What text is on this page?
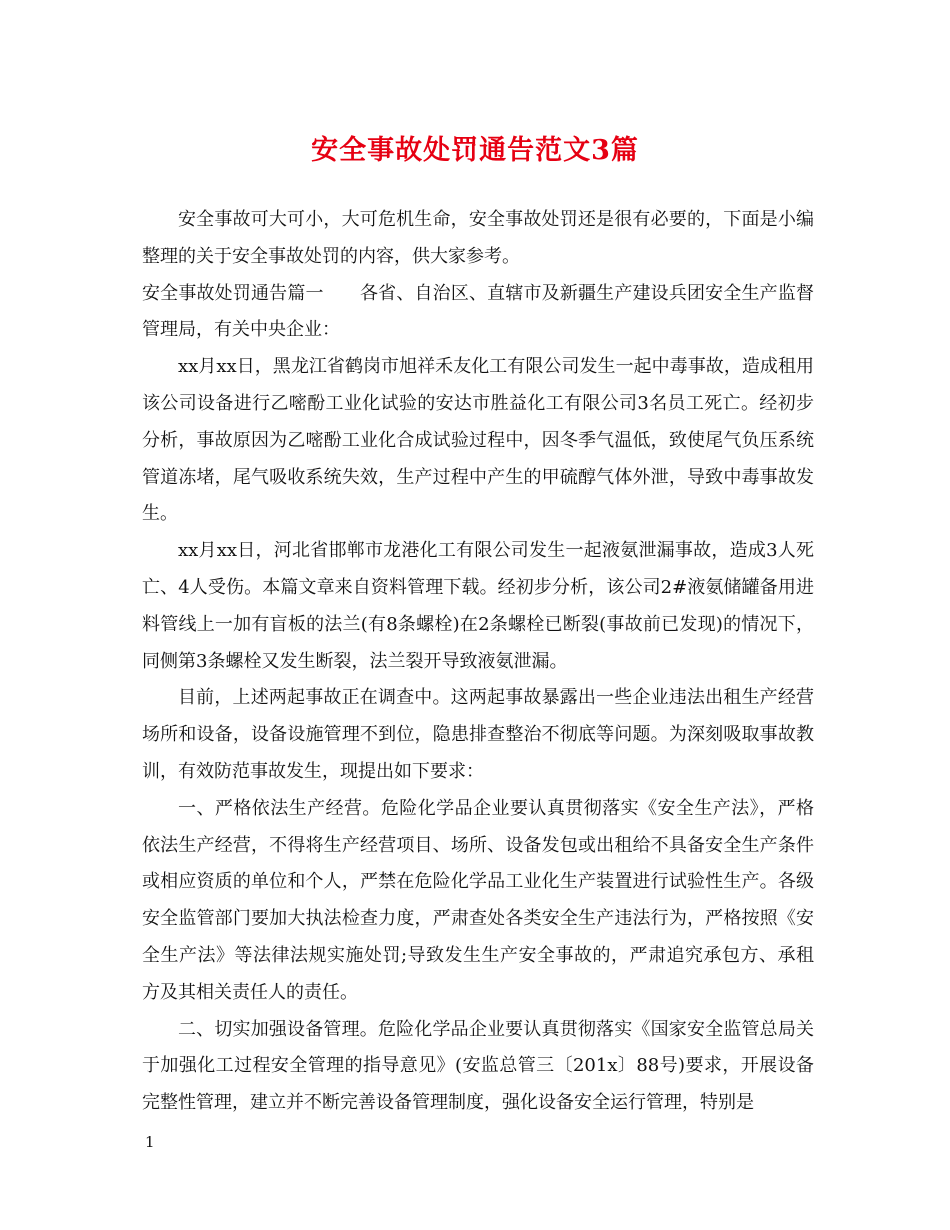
安全事故处罚通告范文3篇

安全事故可大可小，大可危机生命，安全事故处罚还是很有必要的，下面是小编整理的关于安全事故处罚的内容，供大家参考。

安全事故处罚通告篇一　　各省、自治区、直辖市及新疆生产建设兵团安全生产监督管理局，有关中央企业：

xx月xx日，黑龙江省鹤岗市旭祥禾友化工有限公司发生一起中毒事故，造成租用该公司设备进行乙嘧酚工业化试验的安达市胜益化工有限公司3名员工死亡。经初步分析，事故原因为乙嘧酚工业化合成试验过程中，因冬季气温低，致使尾气负压系统管道冻堵，尾气吸收系统失效，生产过程中产生的甲硫醇气体外泄，导致中毒事故发生。

xx月xx日，河北省邯郸市龙港化工有限公司发生一起液氨泄漏事故，造成3人死亡、4人受伤。本篇文章来自资料管理下载。经初步分析，该公司2#液氨储罐备用进料管线上一加有盲板的法兰(有8条螺栓)在2条螺栓已断裂(事故前已发现)的情况下，同侧第3条螺栓又发生断裂，法兰裂开导致液氨泄漏。

目前，上述两起事故正在调查中。这两起事故暴露出一些企业违法出租生产经营场所和设备，设备设施管理不到位，隐患排查整治不彻底等问题。为深刻吸取事故教训，有效防范事故发生，现提出如下要求：

一、严格依法生产经营。危险化学品企业要认真贯彻落实《安全生产法》，严格依法生产经营，不得将生产经营项目、场所、设备发包或出租给不具备安全生产条件或相应资质的单位和个人，严禁在危险化学品工业化生产装置进行试验性生产。各级安全监管部门要加大执法检查力度，严肃查处各类安全生产违法行为，严格按照《安全生产法》等法律法规实施处罚;导致发生生产安全事故的，严肃追究承包方、承租方及其相关责任人的责任。

二、切实加强设备管理。危险化学品企业要认真贯彻落实《国家安全监管总局关于加强化工过程安全管理的指导意见》(安监总管三〔201x〕88号)要求，开展设备完整性管理，建立并不断完善设备管理制度，强化设备安全运行管理，特别是

1
